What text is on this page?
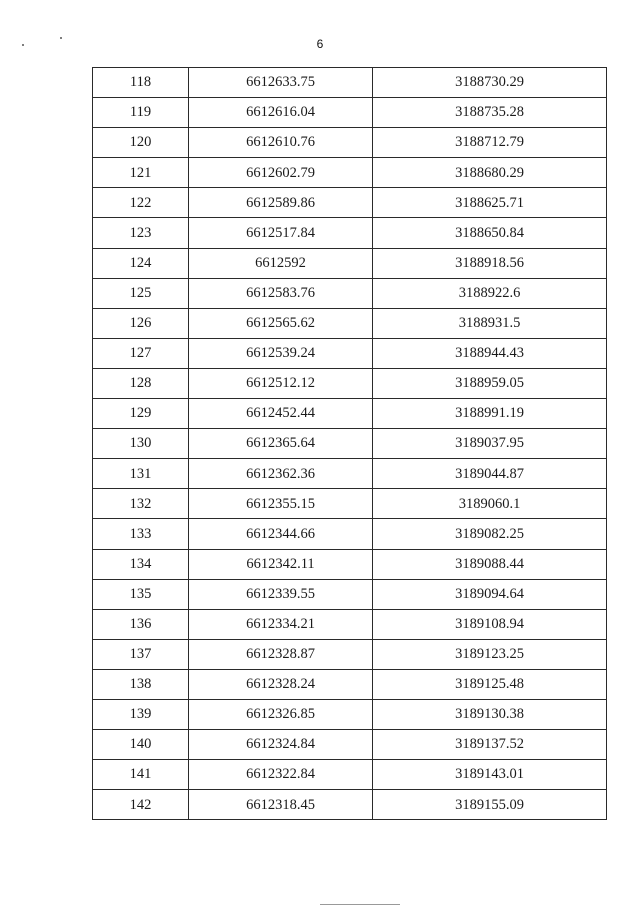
6
118	6612633.75	3188730.29
119	6612616.04	3188735.28
120	6612610.76	3188712.79
121	6612602.79	3188680.29
122	6612589.86	3188625.71
123	6612517.84	3188650.84
124	6612592	3188918.56
125	6612583.76	3188922.6
126	6612565.62	3188931.5
127	6612539.24	3188944.43
128	6612512.12	3188959.05
129	6612452.44	3188991.19
130	6612365.64	3189037.95
131	6612362.36	3189044.87
132	6612355.15	3189060.1
133	6612344.66	3189082.25
134	6612342.11	3189088.44
135	6612339.55	3189094.64
136	6612334.21	3189108.94
137	6612328.87	3189123.25
138	6612328.24	3189125.48
139	6612326.85	3189130.38
140	6612324.84	3189137.52
141	6612322.84	3189143.01
142	6612318.45	3189155.09
